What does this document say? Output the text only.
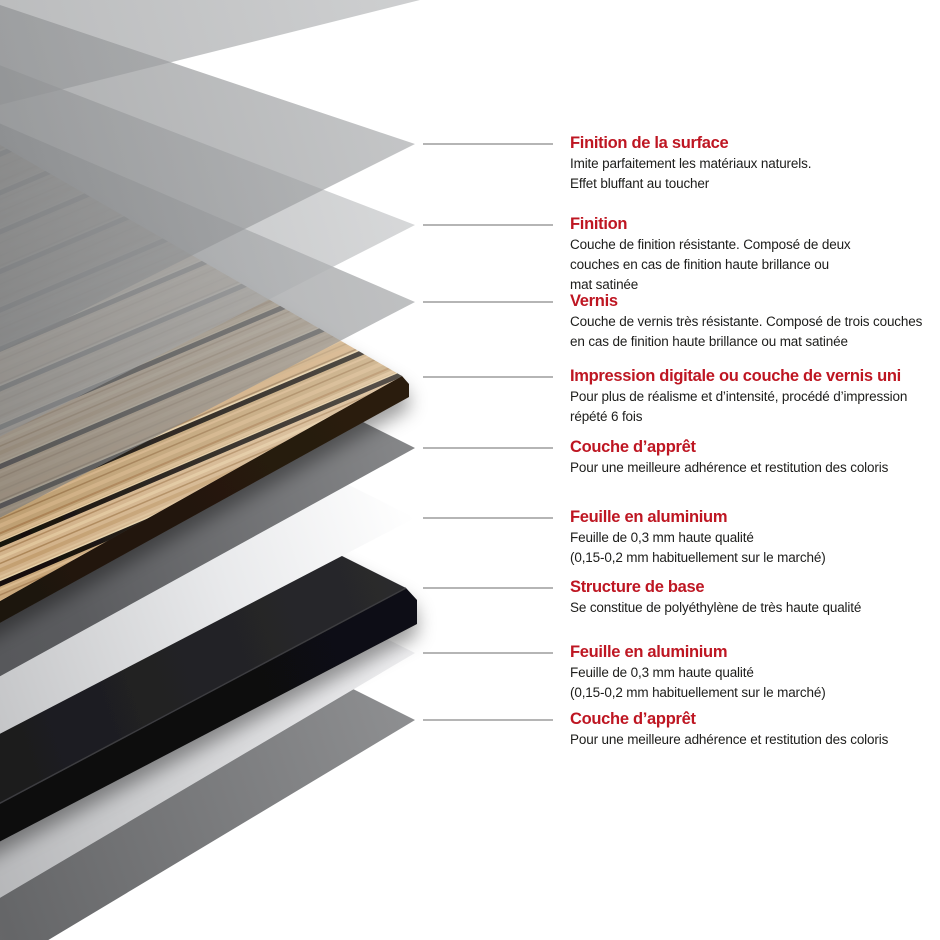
Finition de la surface

Imite parfaitement les matériaux naturels.

Effet bluffant au toucher

Finition

Couche de finition résistante. Composé de deux

couches en cas de finition haute brillance ou

mat satinée

Vernis

Couche de vernis très résistante. Composé de trois couches

en cas de finition haute brillance ou mat satinée

Impression digitale ou couche de vernis uni

Pour plus de réalisme et d’intensité, procédé d’impression

répété 6 fois

Couche d’apprêt

Pour une meilleure adhérence et restitution des coloris

Feuille en aluminium

Feuille de 0,3 mm haute qualité

(0,15-0,2 mm habituellement sur le marché)

Structure de base

Se constitue de polyéthylène de très haute qualité

Feuille en aluminium

Feuille de 0,3 mm haute qualité

(0,15-0,2 mm habituellement sur le marché)

Couche d’apprêt

Pour une meilleure adhérence et restitution des coloris
